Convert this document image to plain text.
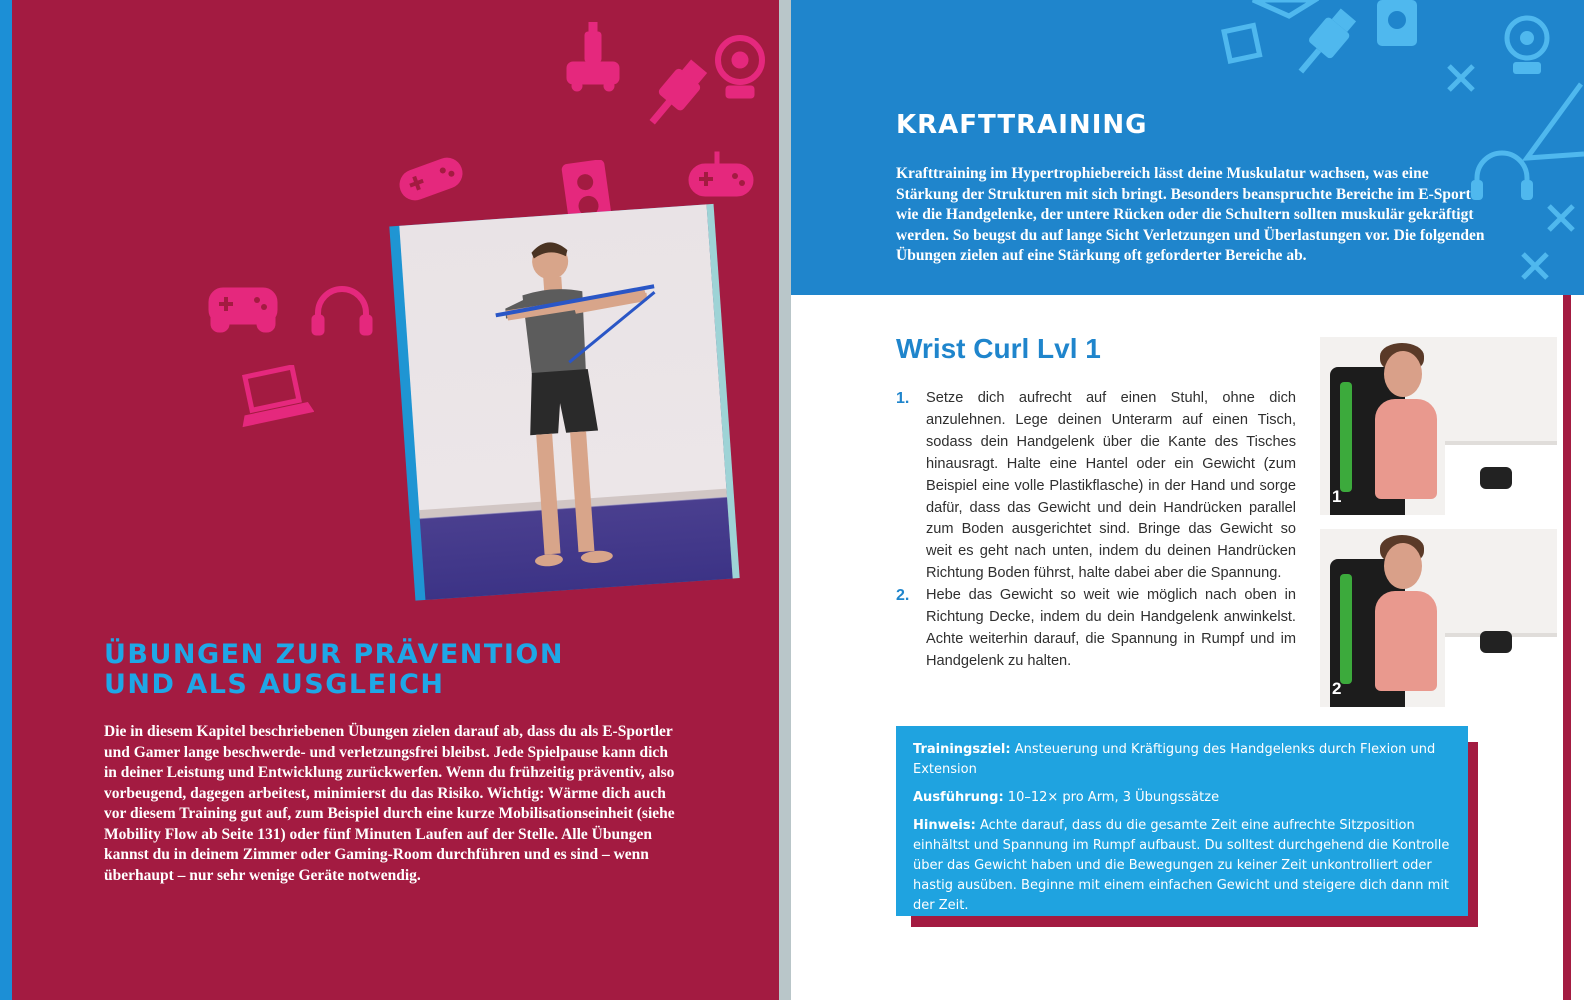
ÜBUNGEN ZUR PRÄVENTION
UND ALS AUSGLEICH

Die in diesem Kapitel beschriebenen Übungen zielen darauf ab, dass du als E-Sportler und Gamer lange beschwerde- und verletzungsfrei bleibst. Jede Spielpause kann dich in deiner Leistung und Entwicklung zurückwerfen. Wenn du frühzeitig präventiv, also vorbeugend, dagegen arbeitest, minimierst du das Risiko. Wichtig: Wärme dich auch vor diesem Training gut auf, zum Beispiel durch eine kurze Mobilisationseinheit (siehe Mobility Flow ab Seite 131) oder fünf Minuten Laufen auf der Stelle. Alle Übungen kannst du in deinem Zimmer oder Gaming-Room durchführen und es sind – wenn überhaupt – nur sehr wenige Geräte notwendig.

KRAFTTRAINING

Krafttraining im Hypertrophiebereich lässt deine Muskulatur wachsen, was eine Stärkung der Strukturen mit sich bringt. Besonders beanspruchte Bereiche im E-Sport wie die Handgelenke, der untere Rücken oder die Schultern sollten muskulär gekräftigt werden. So beugst du auf lange Sicht Verletzungen und Überlastungen vor. Die folgenden Übungen zielen auf eine Stärkung oft geforderter Bereiche ab.

Wrist Curl Lvl 1
1. Setze dich aufrecht auf einen Stuhl, ohne dich anzulehnen. Lege deinen Unterarm auf einen Tisch, sodass dein Handgelenk über die Kante des Tisches hinausragt. Halte eine Hantel oder ein Gewicht (zum Beispiel eine volle Plastikflasche) in der Hand und sorge dafür, dass das Gewicht und dein Handrücken parallel zum Boden ausgerichtet sind. Bringe das Gewicht so weit es geht nach unten, indem du deinen Handrücken Richtung Boden führst, halte dabei aber die Spannung.
2. Hebe das Gewicht so weit wie möglich nach oben in Richtung Decke, indem du dein Handgelenk anwinkelst. Achte weiterhin darauf, die Spannung in Rumpf und im Handgelenk zu halten.
1
2

Trainingsziel: Ansteuerung und Kräftigung des Handgelenks durch Flexion und Extension

Ausführung: 10–12× pro Arm, 3 Übungssätze

Hinweis: Achte darauf, dass du die gesamte Zeit eine aufrechte Sitzposition einhältst und Spannung im Rumpf aufbaust. Du solltest durchgehend die Kontrolle über das Gewicht haben und die Bewegungen zu keiner Zeit unkontrolliert oder hastig ausüben. Beginne mit einem einfachen Gewicht und steigere dich dann mit der Zeit.
